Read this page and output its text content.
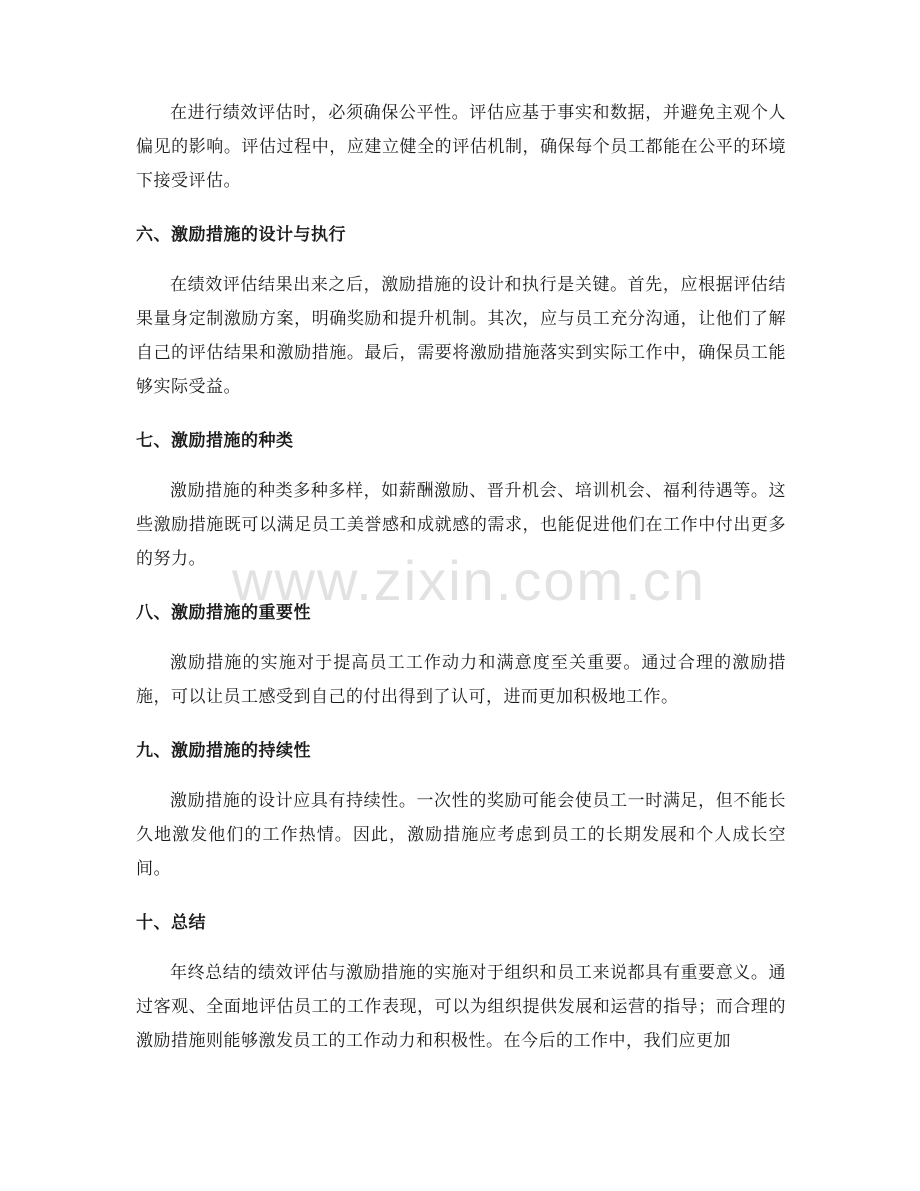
在进行绩效评估时，必须确保公平性。评估应基于事实和数据，并避免主观个人偏见的影响。评估过程中，应建立健全的评估机制，确保每个员工都能在公平的环境下接受评估。

六、激励措施的设计与执行

在绩效评估结果出来之后，激励措施的设计和执行是关键。首先，应根据评估结果量身定制激励方案，明确奖励和提升机制。其次，应与员工充分沟通，让他们了解自己的评估结果和激励措施。最后，需要将激励措施落实到实际工作中，确保员工能够实际受益。

七、激励措施的种类

激励措施的种类多种多样，如薪酬激励、晋升机会、培训机会、福利待遇等。这些激励措施既可以满足员工美誉感和成就感的需求，也能促进他们在工作中付出更多的努力。

八、激励措施的重要性

激励措施的实施对于提高员工工作动力和满意度至关重要。通过合理的激励措施，可以让员工感受到自己的付出得到了认可，进而更加积极地工作。

九、激励措施的持续性

激励措施的设计应具有持续性。一次性的奖励可能会使员工一时满足，但不能长久地激发他们的工作热情。因此，激励措施应考虑到员工的长期发展和个人成长空间。

十、总结

年终总结的绩效评估与激励措施的实施对于组织和员工来说都具有重要意义。通过客观、全面地评估员工的工作表现，可以为组织提供发展和运营的指导；而合理的激励措施则能够激发员工的工作动力和积极性。在今后的工作中，我们应更加

www.zixin.com.cn
